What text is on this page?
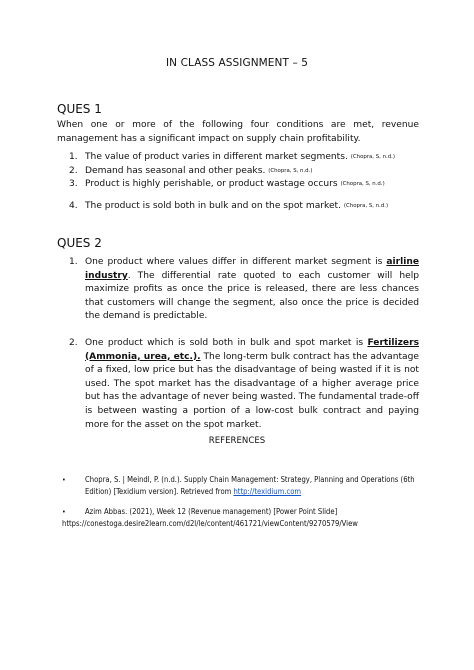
IN CLASS ASSIGNMENT – 5
QUES 1
When one or more of the following four conditions are met, revenue management has a significant impact on supply chain profitability.
1. The value of product varies in different market segments. (Chopra, S, n.d.)
2. Demand has seasonal and other peaks. (Chopra, S, n.d.)
3. Product is highly perishable, or product wastage occurs (Chopra, S, n.d.)
4. The product is sold both in bulk and on the spot market. (Chopra, S, n.d.)
QUES 2
1. One product where values differ in different market segment is airline industry. The differential rate quoted to each customer will help maximize profits as once the price is released, there are less chances that customers will change the segment, also once the price is decided the demand is predictable.
2. One product which is sold both in bulk and spot market is Fertilizers (Ammonia, urea, etc.). The long-term bulk contract has the advantage of a fixed, low price but has the disadvantage of being wasted if it is not used. The spot market has the disadvantage of a higher average price but has the advantage of never being wasted. The fundamental trade-off is between wasting a portion of a low-cost bulk contract and paying more for the asset on the spot market.
REFERENCES
•	Chopra, S. | Meindl, P. (n.d.). Supply Chain Management: Strategy, Planning and Operations (6th Edition) [Texidium version]. Retrieved from http://texidium.com
•	Azim Abbas. (2021), Week 12 (Revenue management) [Power Point Slide]
https://conestoga.desire2learn.com/d2l/le/content/461721/viewContent/9270579/View
